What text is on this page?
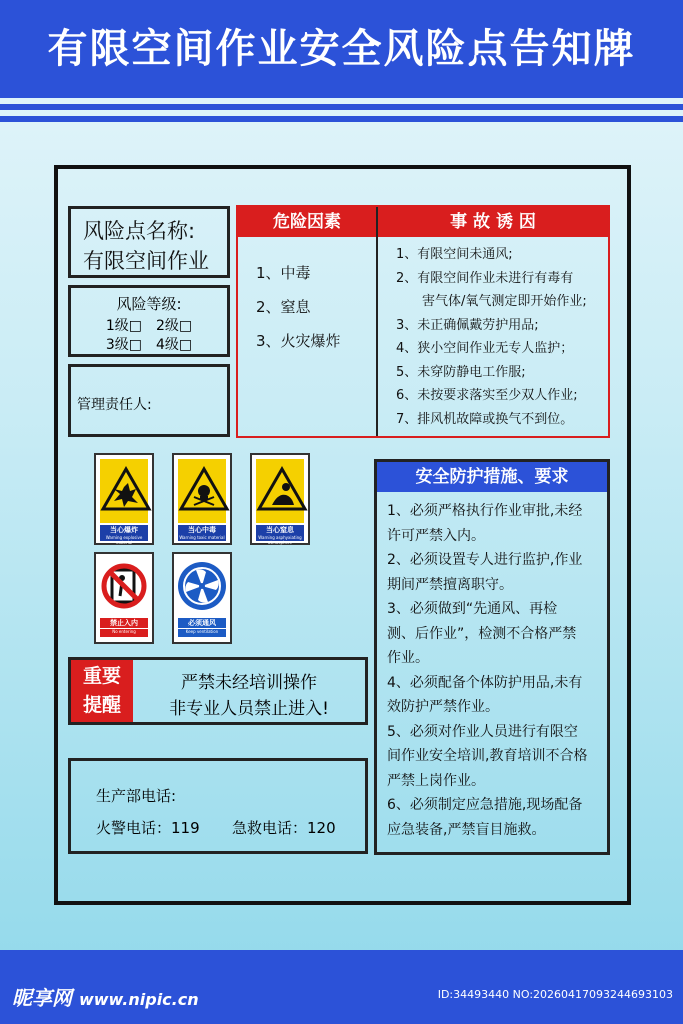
有限空间作业安全风险点告知牌
风险点名称:
有限空间作业
风险等级:
1级□　2级□
3级□　4级□
管理责任人:
危险因素	事 故 诱 因
1、中毒
2、窒息
3、火灾爆炸
1、有限空间未通风;
2、有限空间作业未进行有毒有
　　害气体/氧气测定即开始作业;
3、未正确佩戴劳护用品;
4、狭小空间作业无专人监护；
5、未穿防静电工作服;
6、未按要求落实至少双人作业;
7、排风机故障或换气不到位。
当心爆炸
Warning explosive material
当心中毒
Warning toxic material
当心窒息
Warning asphyxiating atmosphere
禁止入内
No entering
必须通风
Keep ventilation
重要
提醒
严禁未经培训操作
非专业人员禁止进入!
生产部电话:
火警电话：119 急救电话：120
安全防护措施、要求
1、必须严格执行作业审批,未经
许可严禁入内。
2、必须设置专人进行监护,作业
期间严禁擅离职守。
3、必须做到“先通风、再检
测、后作业”，检测不合格严禁
作业。
4、必须配备个体防护用品,未有
效防护严禁作业。
5、必须对作业人员进行有限空
间作业安全培训,教育培训不合格
严禁上岗作业。
6、必须制定应急措施,现场配备
应急装备,严禁盲目施救。
昵享网 www.nipic.cn	ID:34493440 NO:20260417093244693103
